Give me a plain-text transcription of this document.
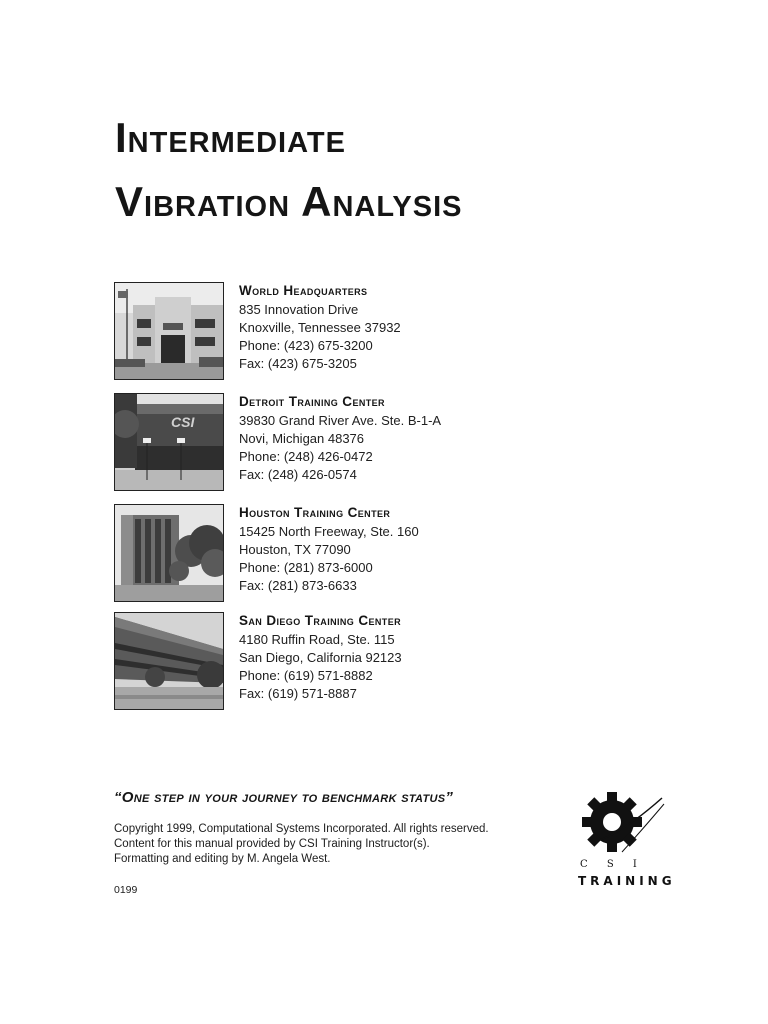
Intermediate
Vibration Analysis
World Headquarters
835 Innovation Drive
Knoxville, Tennessee 37932
Phone: (423) 675-3200
Fax: (423) 675-3205
CSI
Detroit Training Center
39830 Grand River Ave. Ste. B-1-A
Novi, Michigan 48376
Phone: (248) 426-0472
Fax: (248) 426-0574
Houston Training Center
15425 North Freeway, Ste. 160
Houston, TX 77090
Phone: (281) 873-6000
Fax: (281) 873-6633
San Diego Training Center
4180 Ruffin Road, Ste. 115
San Diego, California 92123
Phone: (619) 571-8882
Fax: (619) 571-8887
“One step in your journey to benchmark status”
Copyright 1999, Computational Systems Incorporated. All rights reserved.
Content for this manual provided by CSI Training Instructor(s).
Formatting and editing by M. Angela West.
0199
C S I
TRAINING
